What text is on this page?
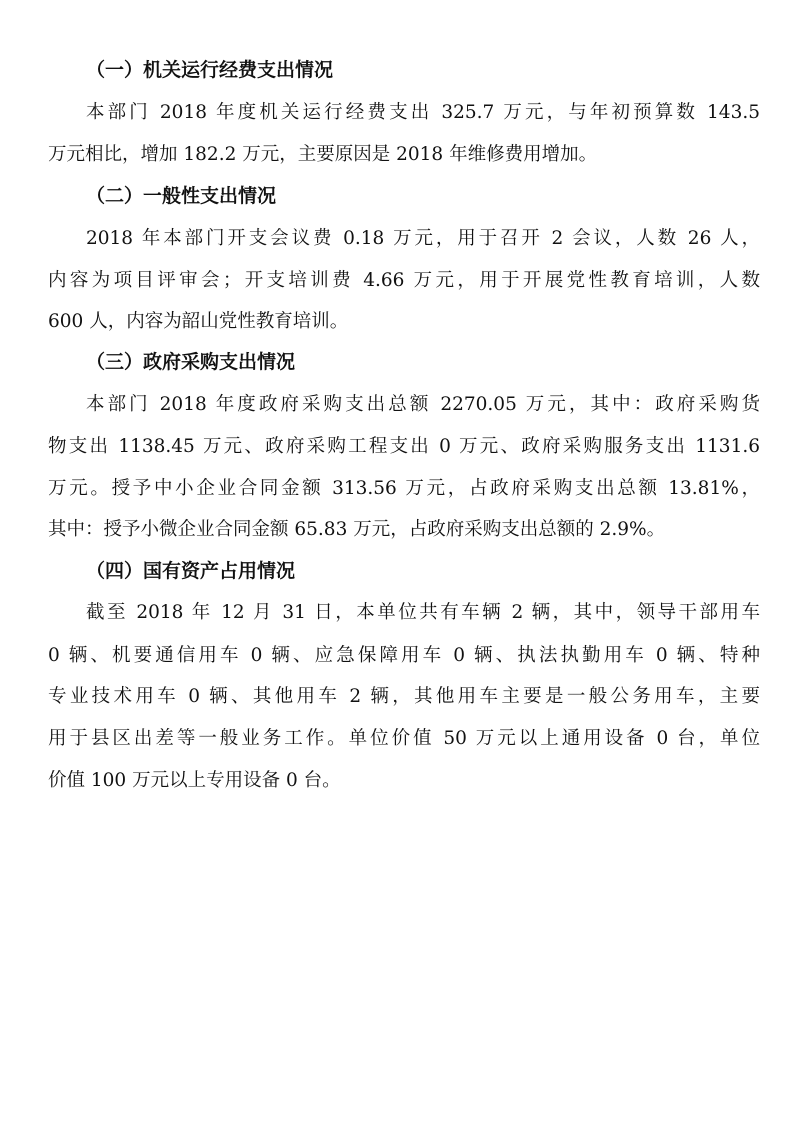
（一）机关运行经费支出情况
本部门 2018 年度机关运行经费支出 325.7 万元，与年初预算数 143.5
万元相比，增加 182.2 万元，主要原因是 2018 年维修费用增加。
（二）一般性支出情况
2018 年本部门开支会议费 0.18 万元，用于召开 2 会议，人数 26 人，
内容为项目评审会；开支培训费 4.66 万元，用于开展党性教育培训，人数
600 人，内容为韶山党性教育培训。
（三）政府采购支出情况
本部门 2018 年度政府采购支出总额 2270.05 万元，其中：政府采购货
物支出 1138.45 万元、政府采购工程支出 0 万元、政府采购服务支出 1131.6
万元。授予中小企业合同金额 313.56 万元，占政府采购支出总额 13.81%，
其中：授予小微企业合同金额 65.83 万元，占政府采购支出总额的 2.9%。
（四）国有资产占用情况
截至 2018 年 12 月 31 日，本单位共有车辆 2 辆，其中，领导干部用车
0 辆、机要通信用车 0 辆、应急保障用车 0 辆、执法执勤用车 0 辆、特种
专业技术用车 0 辆、其他用车 2 辆，其他用车主要是一般公务用车，主要
用于县区出差等一般业务工作。单位价值 50 万元以上通用设备 0 台，单位
价值 100 万元以上专用设备 0 台。
